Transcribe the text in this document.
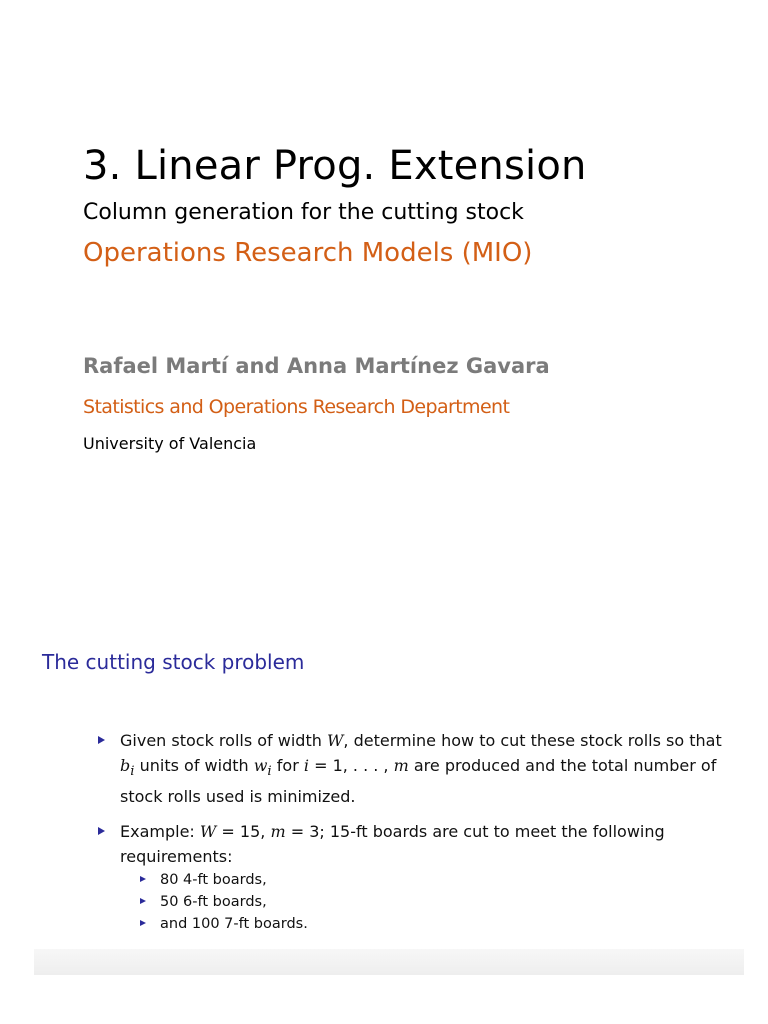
3. Linear Prog. Extension
Column generation for the cutting stock
Operations Research Models (MIO)
Rafael Martí and Anna Martínez Gavara
Statistics and Operations Research Department
University of Valencia
The cutting stock problem
Given stock rolls of width W, determine how to cut these stock rolls so that $b_i$ units of width $w_i$ for i = 1, . . . , m are produced and the total number of stock rolls used is minimized.
Example: W = 15, m = 3; 15-ft boards are cut to meet the following requirements:
80 4-ft boards,
50 6-ft boards,
and 100 7-ft boards.
